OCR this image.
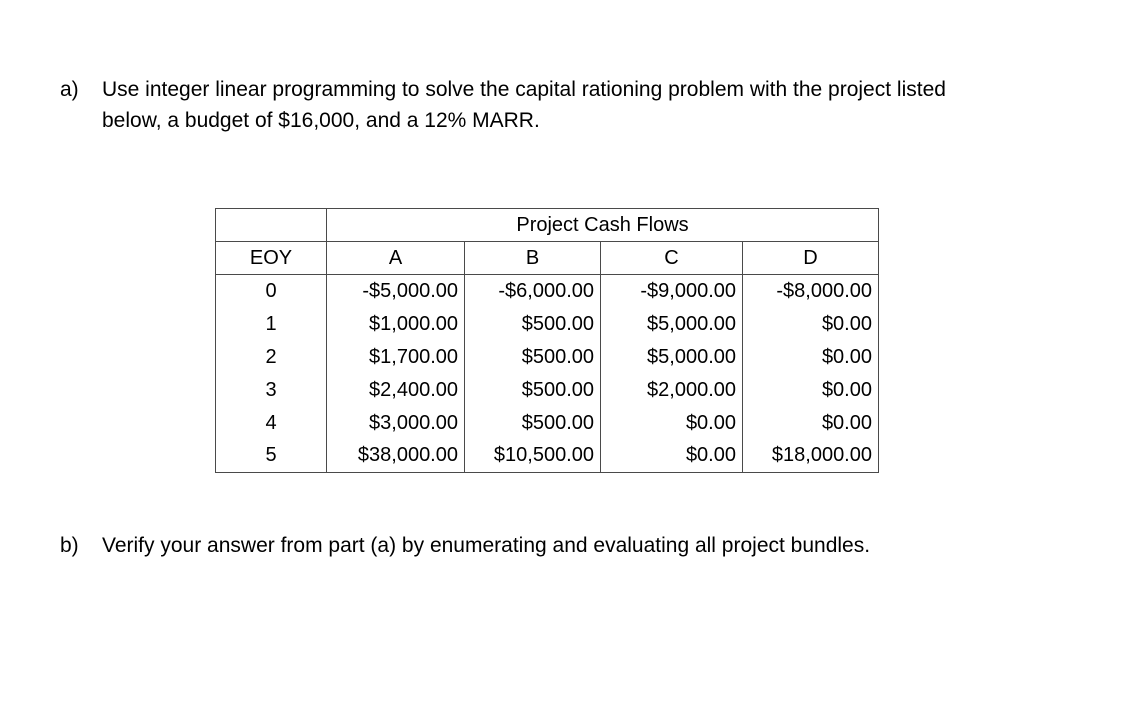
a) Use integer linear programming to solve the capital rationing problem with the project listed
below, a budget of $16,000, and a 12% MARR.
	Project Cash Flows			
EOY	A	B	C	D
0	-$5,000.00	-$6,000.00	-$9,000.00	-$8,000.00
1	$1,000.00	$500.00	$5,000.00	$0.00
2	$1,700.00	$500.00	$5,000.00	$0.00
3	$2,400.00	$500.00	$2,000.00	$0.00
4	$3,000.00	$500.00	$0.00	$0.00
5	$38,000.00	$10,500.00	$0.00	$18,000.00
b) Verify your answer from part (a) by enumerating and evaluating all project bundles.
